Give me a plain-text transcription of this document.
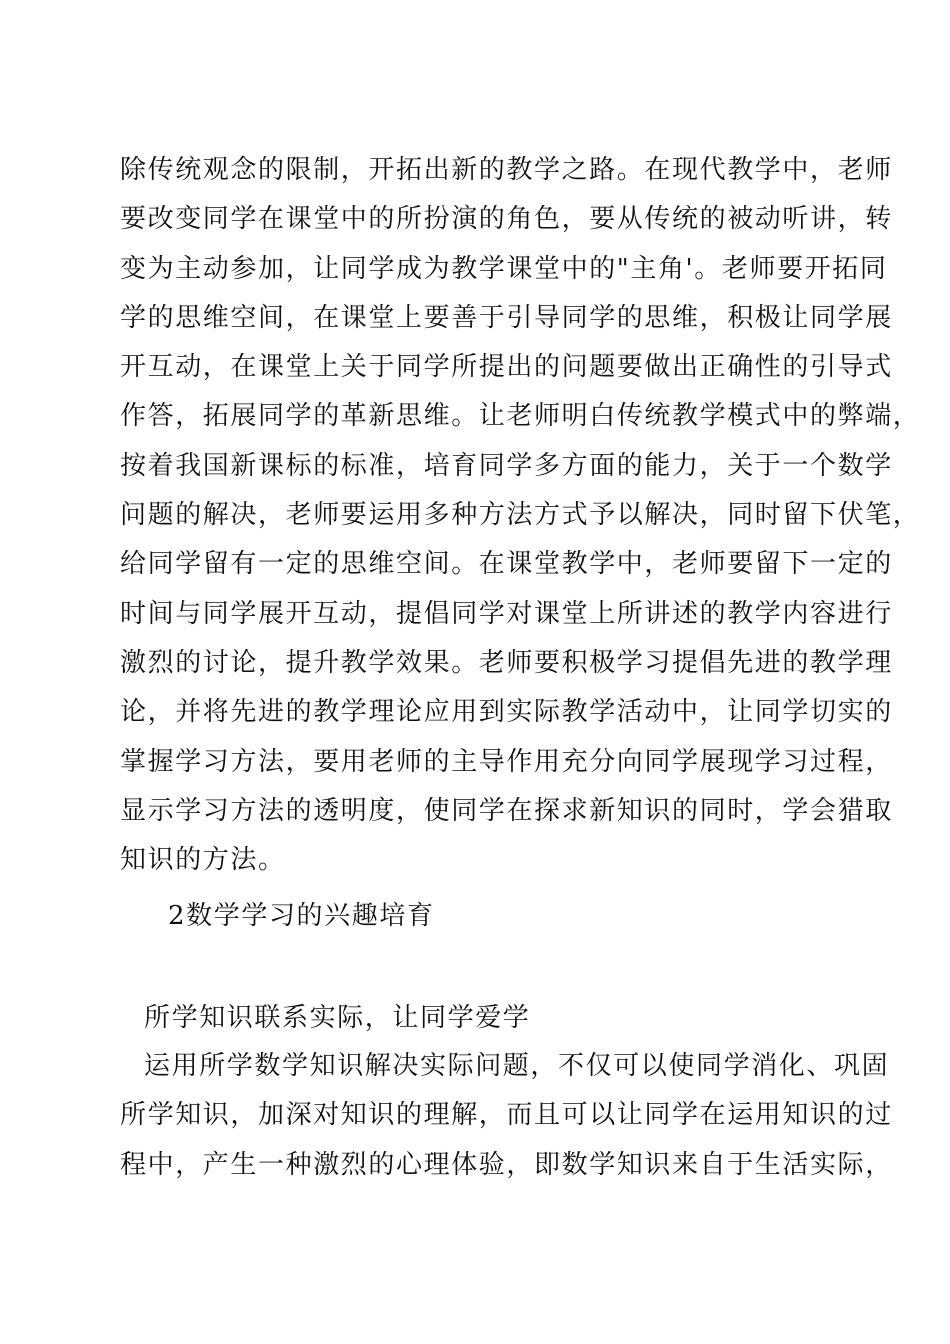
除传统观念的限制，开拓出新的教学之路。在现代教学中，老师
要改变同学在课堂中的所扮演的角色，要从传统的被动听讲，转
变为主动参加，让同学成为教学课堂中的"主角'。老师要开拓同
学的思维空间，在课堂上要善于引导同学的思维，积极让同学展
开互动，在课堂上关于同学所提出的问题要做出正确性的引导式
作答，拓展同学的革新思维。让老师明白传统教学模式中的弊端，
按着我国新课标的标准，培育同学多方面的能力，关于一个数学
问题的解决，老师要运用多种方法方式予以解决，同时留下伏笔，
给同学留有一定的思维空间。在课堂教学中，老师要留下一定的
时间与同学展开互动，提倡同学对课堂上所讲述的教学内容进行
激烈的讨论，提升教学效果。老师要积极学习提倡先进的教学理
论，并将先进的教学理论应用到实际教学活动中，让同学切实的
掌握学习方法，要用老师的主导作用充分向同学展现学习过程，
显示学习方法的透明度，使同学在探求新知识的同时，学会猎取
知识的方法。

2数学学习的兴趣培育

所学知识联系实际，让同学爱学

运用所学数学知识解决实际问题，不仅可以使同学消化、巩固
所学知识，加深对知识的理解，而且可以让同学在运用知识的过
程中，产生一种激烈的心理体验，即数学知识来自于生活实际，
